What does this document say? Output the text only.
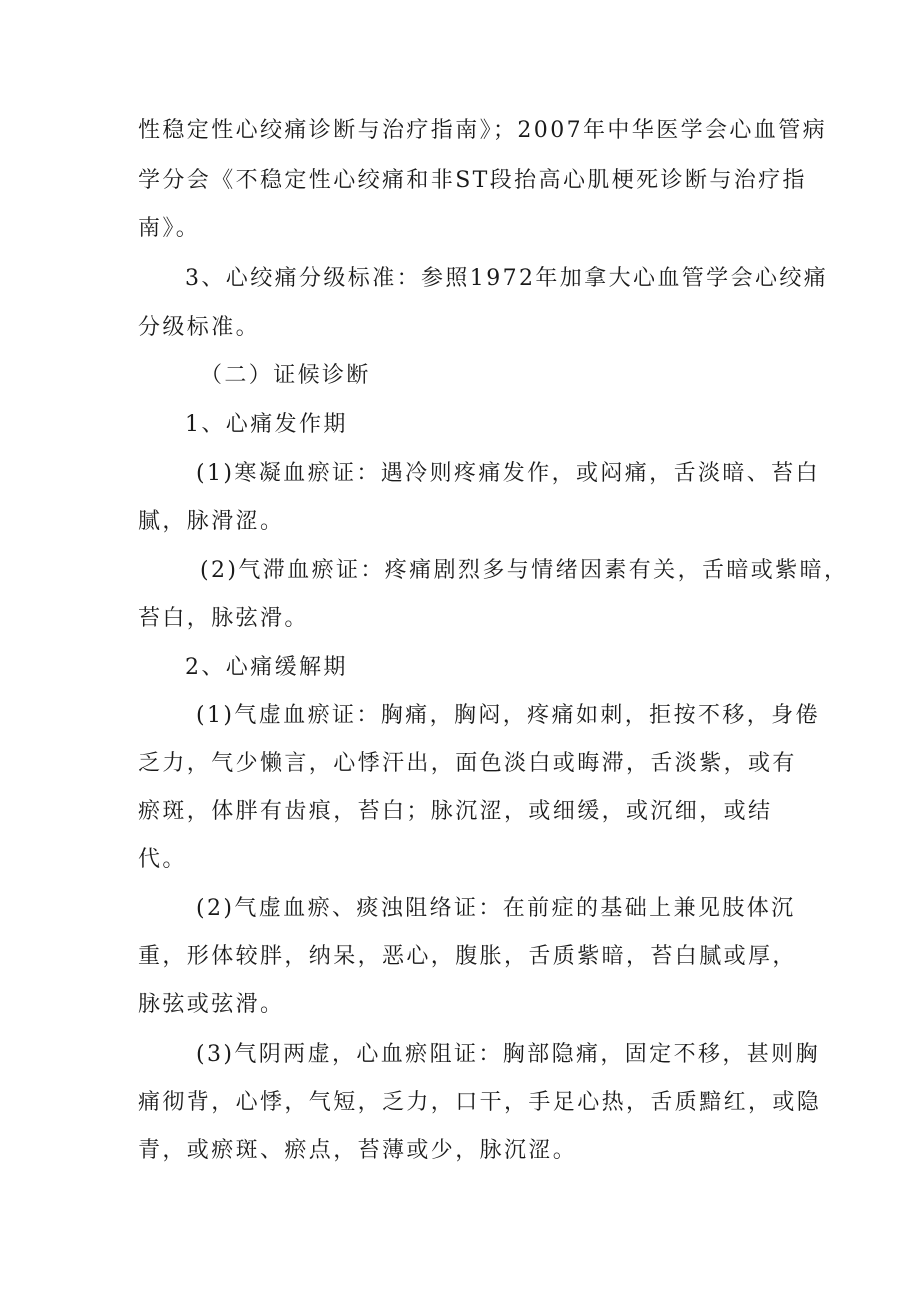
性稳定性心绞痛诊断与治疗指南》；2007年中华医学会心血管病
学分会《不稳定性心绞痛和非ST段抬高心肌梗死诊断与治疗指
南》。
3、心绞痛分级标准：参照1972年加拿大心血管学会心绞痛
分级标准。
（二）证候诊断
1、心痛发作期
(1)寒凝血瘀证：遇冷则疼痛发作，或闷痛，舌淡暗、苔白
腻，脉滑涩。
(2)气滞血瘀证：疼痛剧烈多与情绪因素有关，舌暗或紫暗，
苔白，脉弦滑。
2、心痛缓解期
(1)气虚血瘀证：胸痛，胸闷，疼痛如刺，拒按不移，身倦
乏力，气少懒言，心悸汗出，面色淡白或晦滞，舌淡紫，或有
瘀斑，体胖有齿痕，苔白；脉沉涩，或细缓，或沉细，或结
代。
(2)气虚血瘀、痰浊阻络证：在前症的基础上兼见肢体沉
重，形体较胖，纳呆，恶心，腹胀，舌质紫暗，苔白腻或厚，
脉弦或弦滑。
(3)气阴两虚，心血瘀阻证：胸部隐痛，固定不移，甚则胸
痛彻背，心悸，气短，乏力，口干，手足心热，舌质黯红，或隐
青，或瘀斑、瘀点，苔薄或少，脉沉涩。
